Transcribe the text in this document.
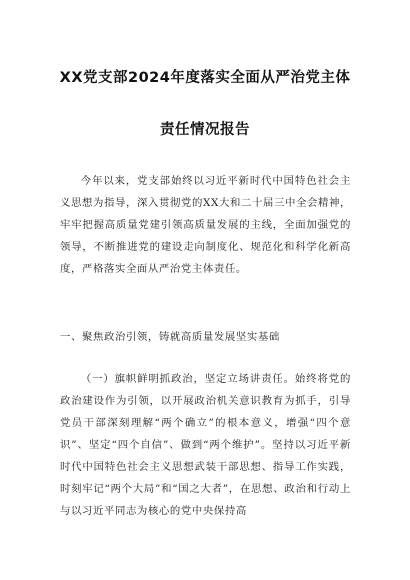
XX党支部2024年度落实全面从严治党主体
责任情况报告

今年以来，党支部始终以习近平新时代中国特色社会主义思想为指导，深入贯彻党的XX大和二十届三中全会精神，牢牢把握高质量党建引领高质量发展的主线，全面加强党的领导，不断推进党的建设走向制度化、规范化和科学化新高度，严格落实全面从严治党主体责任。

一、聚焦政治引领，铸就高质量发展坚实基础

（一）旗帜鲜明抓政治，坚定立场讲责任。始终将党的政治建设作为引领，以开展政治机关意识教育为抓手，引导党员干部深刻理解“两个确立”的根本意义，增强“四个意识”、坚定“四个自信”、做到“两个维护”。坚持以习近平新时代中国特色社会主义思想武装干部思想、指导工作实践，时刻牢记“两个大局”和“国之大者”，在思想、政治和行动上与以习近平同志为核心的党中央保持高
